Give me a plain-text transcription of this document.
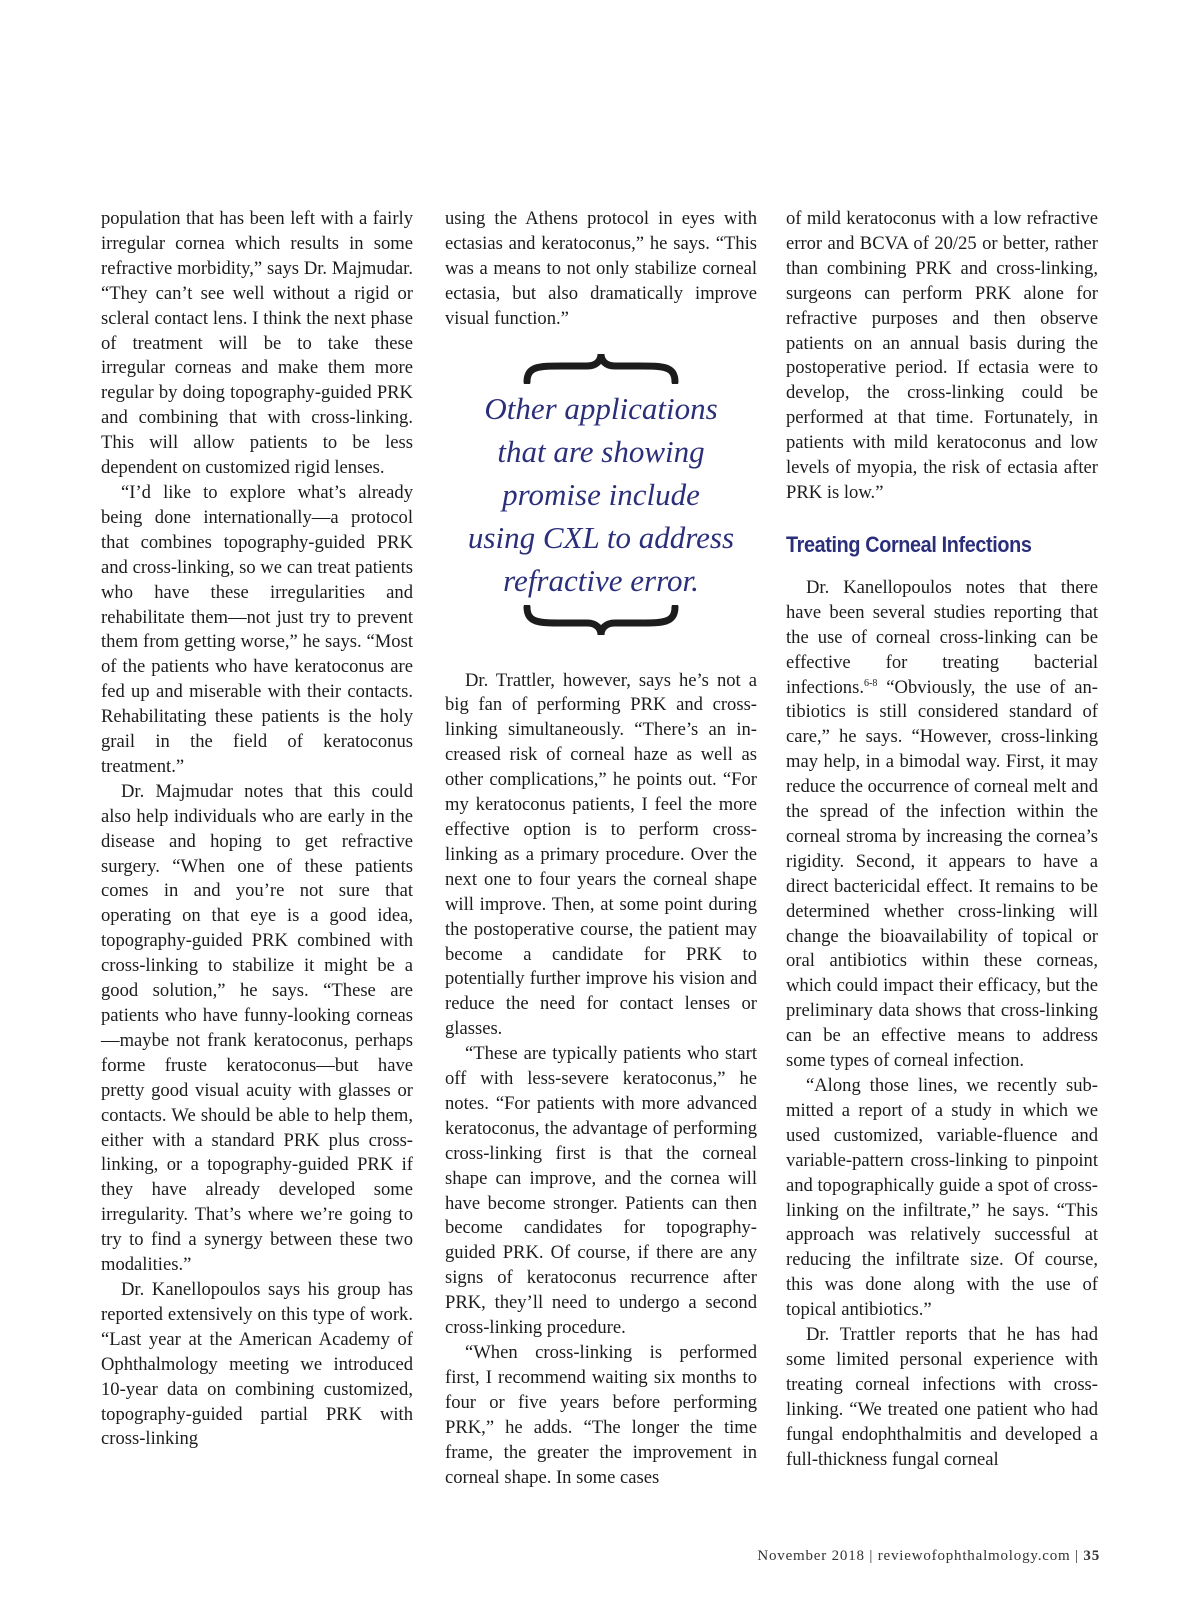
population that has been left with a fairly irregular cornea which results in some refractive morbidity,” says Dr. Majmudar. “They can’t see well without a rigid or scleral contact lens. I think the next phase of treatment will be to take these irregular corneas and make them more regular by doing topography-guided PRK and combining that with cross-linking. This will allow patients to be less dependent on customized rigid lenses.

“I’d like to explore what’s already being done internationally—a protocol that combines topography-guided PRK and cross-linking, so we can treat patients who have these irregularities and rehabilitate them—not just try to prevent them from getting worse,” he says. “Most of the patients who have keratoconus are fed up and miserable with their contacts. Rehabilitating these patients is the holy grail in the field of keratoconus treatment.”

Dr. Majmudar notes that this could also help individuals who are early in the disease and hoping to get refractive surgery. “When one of these patients comes in and you’re not sure that operating on that eye is a good idea, topography-guided PRK combined with cross-linking to stabilize it might be a good solution,” he says. “These are patients who have funny-looking corneas—maybe not frank keratoconus, perhaps forme fruste keratoconus—but have pretty good visual acuity with glasses or contacts. We should be able to help them, either with a standard PRK plus cross-linking, or a topography-guided PRK if they have already developed some irregularity. That’s where we’re going to try to find a synergy between these two modalities.”

Dr. Kanellopoulos says his group has reported extensively on this type of work. “Last year at the American Academy of Ophthalmology meeting we introduced 10-year data on combining customized, topography-guided partial PRK with cross-linking

using the Athens protocol in eyes with ectasias and keratoconus,” he says. “This was a means to not only stabilize corneal ectasia, but also dramatically improve visual function.”

Other applications
that are showing
promise include
using CXL to address
refractive error.

Dr. Trattler, however, says he’s not a big fan of performing PRK and cross-linking simultaneously. “There’s an increased risk of corneal haze as well as other complications,” he points out. “For my keratoconus patients, I feel the more effective option is to perform cross-linking as a primary procedure. Over the next one to four years the corneal shape will improve. Then, at some point during the postoperative course, the patient may become a candidate for PRK to potentially further improve his vision and reduce the need for contact lenses or glasses.

“These are typically patients who start off with less-severe keratoconus,” he notes. “For patients with more advanced keratoconus, the advantage of performing cross-linking first is that the corneal shape can improve, and the cornea will have become stronger. Patients can then become candidates for topography-guided PRK. Of course, if there are any signs of keratoconus recurrence after PRK, they’ll need to undergo a second cross-linking procedure.

“When cross-linking is performed first, I recommend waiting six months to four or five years before performing PRK,” he adds. “The longer the time frame, the greater the improvement in corneal shape. In some cases

of mild keratoconus with a low refractive error and BCVA of 20/25 or better, rather than combining PRK and cross-linking, surgeons can perform PRK alone for refractive purposes and then observe patients on an annual basis during the postoperative period. If ectasia were to develop, the cross-linking could be performed at that time. Fortunately, in patients with mild keratoconus and low levels of myopia, the risk of ectasia after PRK is low.”

Treating Corneal Infections

Dr. Kanellopoulos notes that there have been several studies reporting that the use of corneal cross-linking can be effective for treating bacterial infections.$^{6-8}$ “Obviously, the use of antibiotics is still considered standard of care,” he says. “However, cross-linking may help, in a bimodal way. First, it may reduce the occurrence of corneal melt and the spread of the infection within the corneal stroma by increasing the cornea’s rigidity. Second, it appears to have a direct bactericidal effect. It remains to be determined whether cross-linking will change the bioavailability of topical or oral antibiotics within these corneas, which could impact their efficacy, but the preliminary data shows that cross-linking can be an effective means to address some types of corneal infection.

“Along those lines, we recently submitted a report of a study in which we used customized, variable-fluence and variable-pattern cross-linking to pinpoint and topographically guide a spot of cross-linking on the infiltrate,” he says. “This approach was relatively successful at reducing the infiltrate size. Of course, this was done along with the use of topical antibiotics.”

Dr. Trattler reports that he has had some limited personal experience with treating corneal infections with cross-linking. “We treated one patient who had fungal endophthalmitis and developed a full-thickness fungal corneal

November 2018 | reviewofophthalmology.com | 35
